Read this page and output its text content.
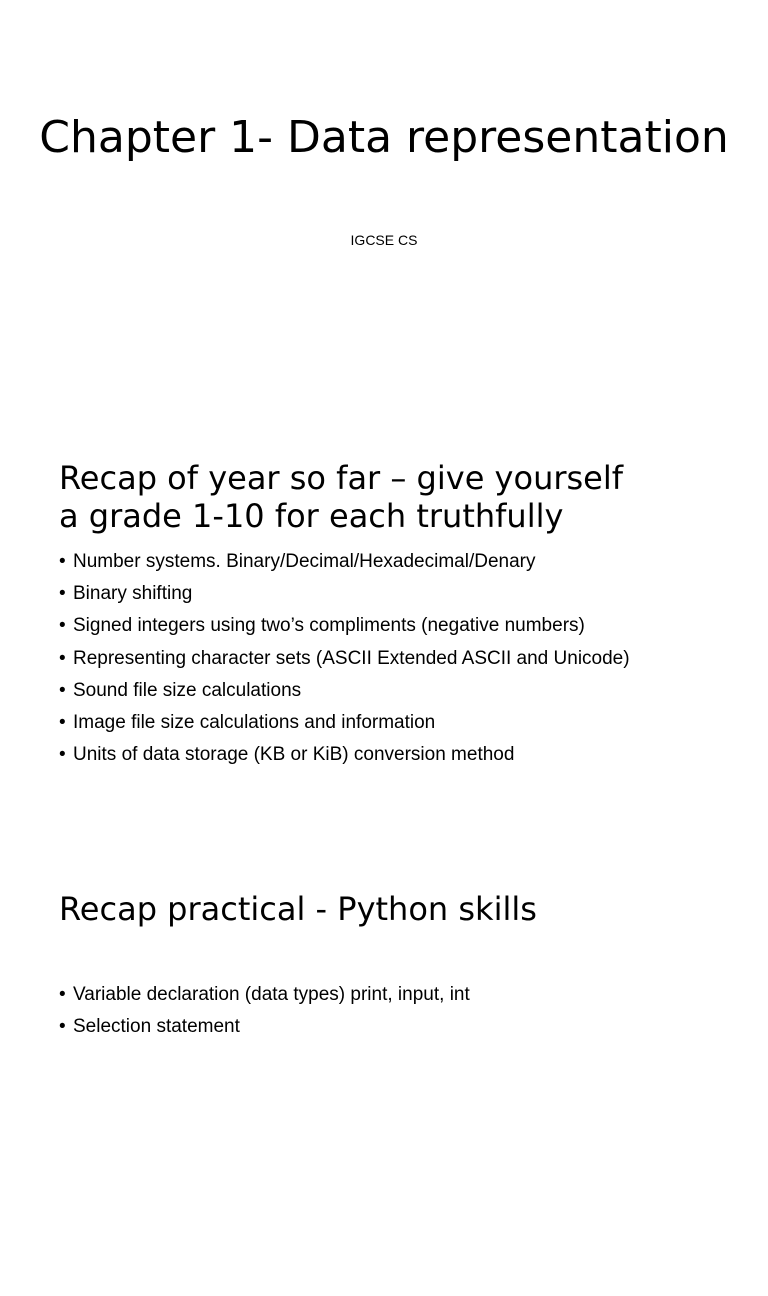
Chapter 1- Data representation
IGCSE CS
Recap of year so far – give yourself
a grade 1-10 for each truthfully
• Number systems. Binary/Decimal/Hexadecimal/Denary
• Binary shifting
• Signed integers using two’s compliments (negative numbers)
• Representing character sets (ASCII Extended ASCII and Unicode)
• Sound file size calculations
• Image file size calculations and information
• Units of data storage (KB or KiB) conversion method
Recap practical - Python skills
• Variable declaration (data types) print, input, int
• Selection statement
